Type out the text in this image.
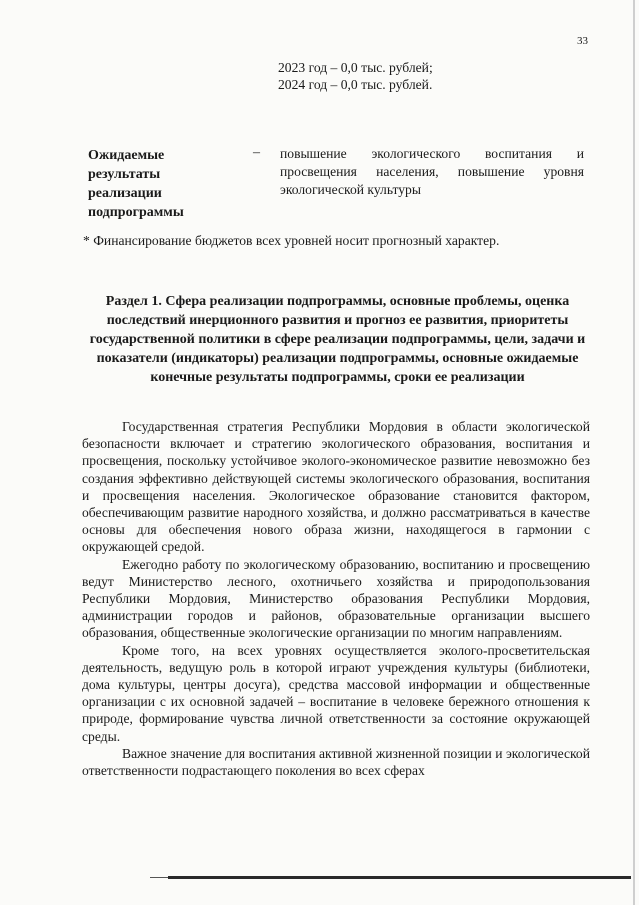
33
2023 год – 0,0 тыс. рублей;
2024 год – 0,0 тыс. рублей.
Ожидаемые
результаты
реализации
подпрограммы
– повышение экологического воспитания и просвещения населения, повышение уровня экологической культуры
* Финансирование бюджетов всех уровней носит прогнозный характер.
Раздел 1. Сфера реализации подпрограммы, основные проблемы, оценка последствий инерционного развития и прогноз ее развития, приоритеты государственной политики в сфере реализации подпрограммы, цели, задачи и показатели (индикаторы) реализации подпрограммы, основные ожидаемые конечные результаты подпрограммы, сроки ее реализации

Государственная стратегия Республики Мордовия в области экологической безопасности включает и стратегию экологического образования, воспитания и просвещения, поскольку устойчивое эколого-экономическое развитие невозможно без создания эффективно действующей системы экологического образования, воспитания и просвещения населения. Экологическое образование становится фактором, обеспечивающим развитие народного хозяйства, и должно рассматриваться в качестве основы для обеспечения нового образа жизни, находящегося в гармонии с окружающей средой.

Ежегодно работу по экологическому образованию, воспитанию и просвещению ведут Министерство лесного, охотничьего хозяйства и природопользования Республики Мордовия, Министерство образования Республики Мордовия, администрации городов и районов, образовательные организации высшего образования, общественные экологические организации по многим направлениям.

Кроме того, на всех уровнях осуществляется эколого-просветительская деятельность, ведущую роль в которой играют учреждения культуры (библиотеки, дома культуры, центры досуга), средства массовой информации и общественные организации с их основной задачей – воспитание в человеке бережного отношения к природе, формирование чувства личной ответственности за состояние окружающей среды.

Важное значение для воспитания активной жизненной позиции и экологической ответственности подрастающего поколения во всех сферах
